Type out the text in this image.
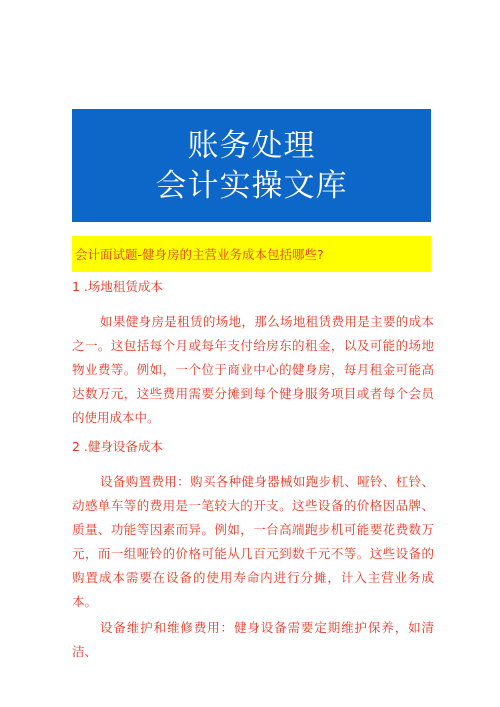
账务处理
会计实操文库
会计面试题-健身房的主营业务成本包括哪些?

1 .场地租赁成本

如果健身房是租赁的场地，那么场地租赁费用是主要的成本之一。这包括每个月或每年支付给房东的租金，以及可能的场地物业费等。例如，一个位于商业中心的健身房，每月租金可能高达数万元，这些费用需要分摊到每个健身服务项目或者每个会员的使用成本中。

2 .健身设备成本

设备购置费用：购买各种健身器械如跑步机、哑铃、杠铃、动感单车等的费用是一笔较大的开支。这些设备的价格因品牌、质量、功能等因素而异。例如，一台高端跑步机可能要花费数万元，而一组哑铃的价格可能从几百元到数千元不等。这些设备的购置成本需要在设备的使用寿命内进行分摊，计入主营业务成本。

设备维护和维修费用：健身设备需要定期维护保养，如清洁、
